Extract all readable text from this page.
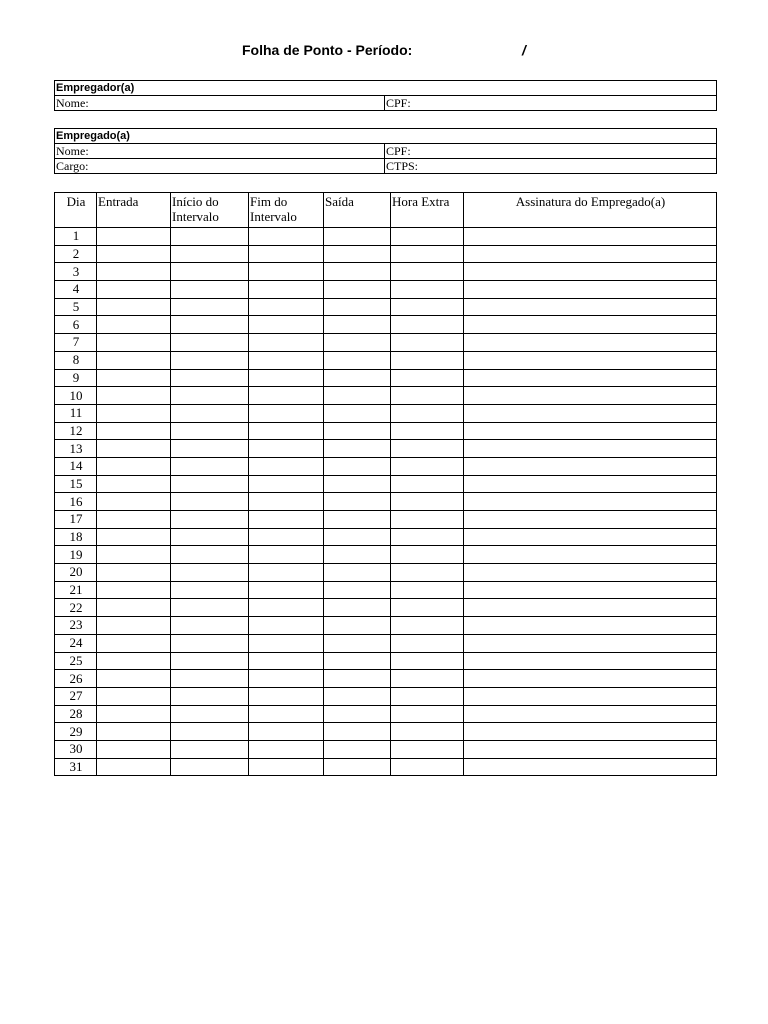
Folha de Ponto - Período:	/
Empregador(a)
Nome:	CPF:
Empregado(a)	
Nome:	CPF:
Cargo:	CTPS:
Dia	Entrada	Início do Intervalo	Fim do Intervalo	Saída	Hora Extra	Assinatura do Empregado(a)
1						
2						
3						
4						
5						
6						
7						
8						
9						
10						
11						
12						
13						
14						
15						
16						
17						
18						
19						
20						
21						
22						
23						
24						
25						
26						
27						
28						
29						
30						
31						
